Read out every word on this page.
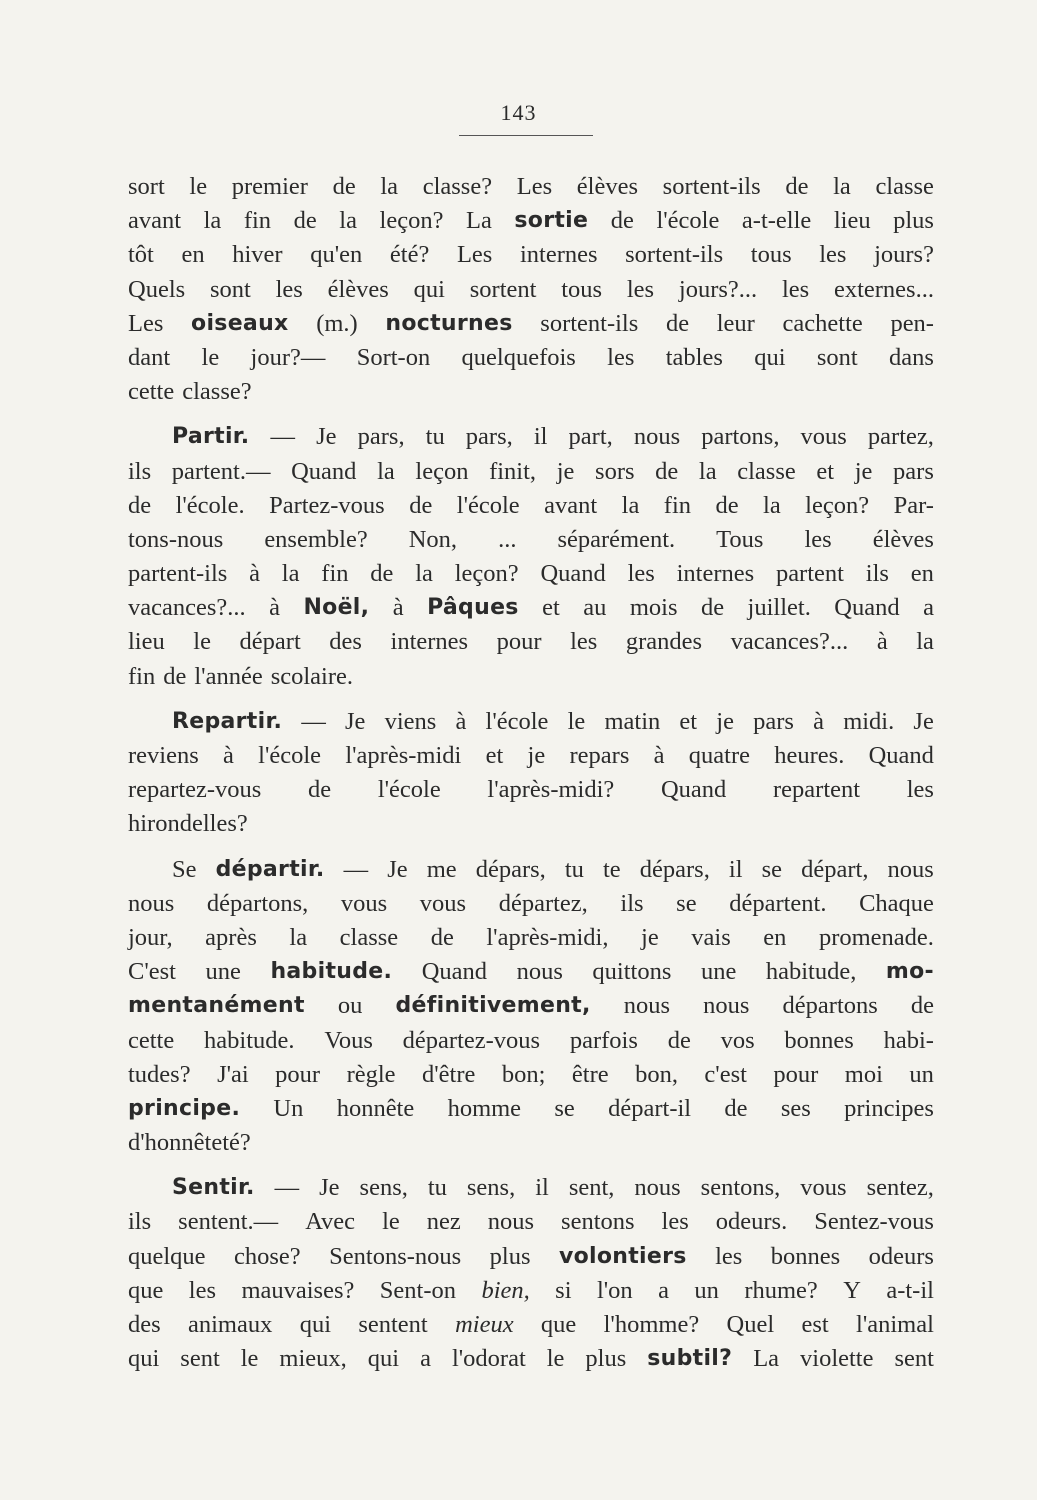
143
sort le premier de la classe? Les élèves sortent-ils de la classe
avant la fin de la leçon? La sortie de l'école a-t-elle lieu plus
tôt en hiver qu'en été? Les internes sortent-ils tous les jours?
Quels sont les élèves qui sortent tous les jours?... les externes...
Les oiseaux (m.) nocturnes sortent-ils de leur cachette pen-
dant le jour?— Sort-on quelquefois les tables qui sont dans
cette classe?
Partir. — Je pars, tu pars, il part, nous partons, vous partez,
ils partent.— Quand la leçon finit, je sors de la classe et je pars
de l'école. Partez-vous de l'école avant la fin de la leçon? Par-
tons-nous ensemble? Non, ... séparément. Tous les élèves
partent-ils à la fin de la leçon? Quand les internes partent ils en
vacances?... à Noël, à Pâques et au mois de juillet. Quand a
lieu le départ des internes pour les grandes vacances?... à la
fin de l'année scolaire.
Repartir. — Je viens à l'école le matin et je pars à midi. Je
reviens à l'école l'après-midi et je repars à quatre heures. Quand
repartez-vous de l'école l'après-midi? Quand repartent les
hirondelles?
Se départir. — Je me dépars, tu te dépars, il se départ, nous
nous départons, vous vous départez, ils se départent. Chaque
jour, après la classe de l'après-midi, je vais en promenade.
C'est une habitude. Quand nous quittons une habitude, mo-
mentanément ou définitivement, nous nous départons de
cette habitude. Vous départez-vous parfois de vos bonnes habi-
tudes? J'ai pour règle d'être bon; être bon, c'est pour moi un
principe. Un honnête homme se départ-il de ses principes
d'honnêteté?
Sentir. — Je sens, tu sens, il sent, nous sentons, vous sentez,
ils sentent.— Avec le nez nous sentons les odeurs. Sentez-vous
quelque chose? Sentons-nous plus volontiers les bonnes odeurs
que les mauvaises? Sent-on bien, si l'on a un rhume? Y a-t-il
des animaux qui sentent mieux que l'homme? Quel est l'animal
qui sent le mieux, qui a l'odorat le plus subtil? La violette sent
